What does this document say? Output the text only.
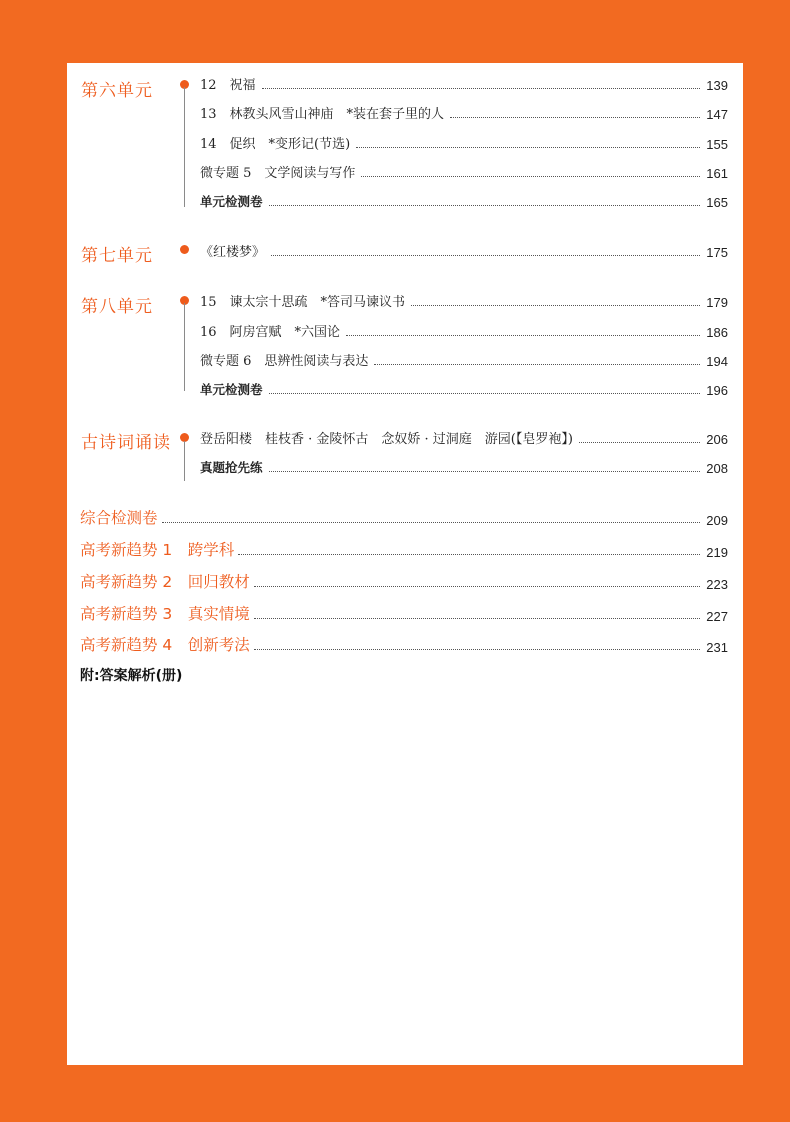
第六单元	12　祝福	139
13　林教头风雪山神庙　*装在套子里的人	147
14　促织　*变形记(节选)	155
微专题 5　文学阅读与写作	161
单元检测卷	165
第七单元	《红楼梦》	175
第八单元	15　谏太宗十思疏　*答司马谏议书	179
16　阿房宫赋　*六国论	186
微专题 6　思辨性阅读与表达	194
单元检测卷	196
古诗词诵读 登岳阳楼　桂枝香 · 金陵怀古　念奴娇 · 过洞庭　游园(【皂罗袍】)	206
真题抢先练	208
综合检测卷	209
高考新趋势 1　跨学科	219
高考新趋势 2　回归教材	223
高考新趋势 3　真实情境	227
高考新趋势 4　创新考法	231
附:答案解析(册)
